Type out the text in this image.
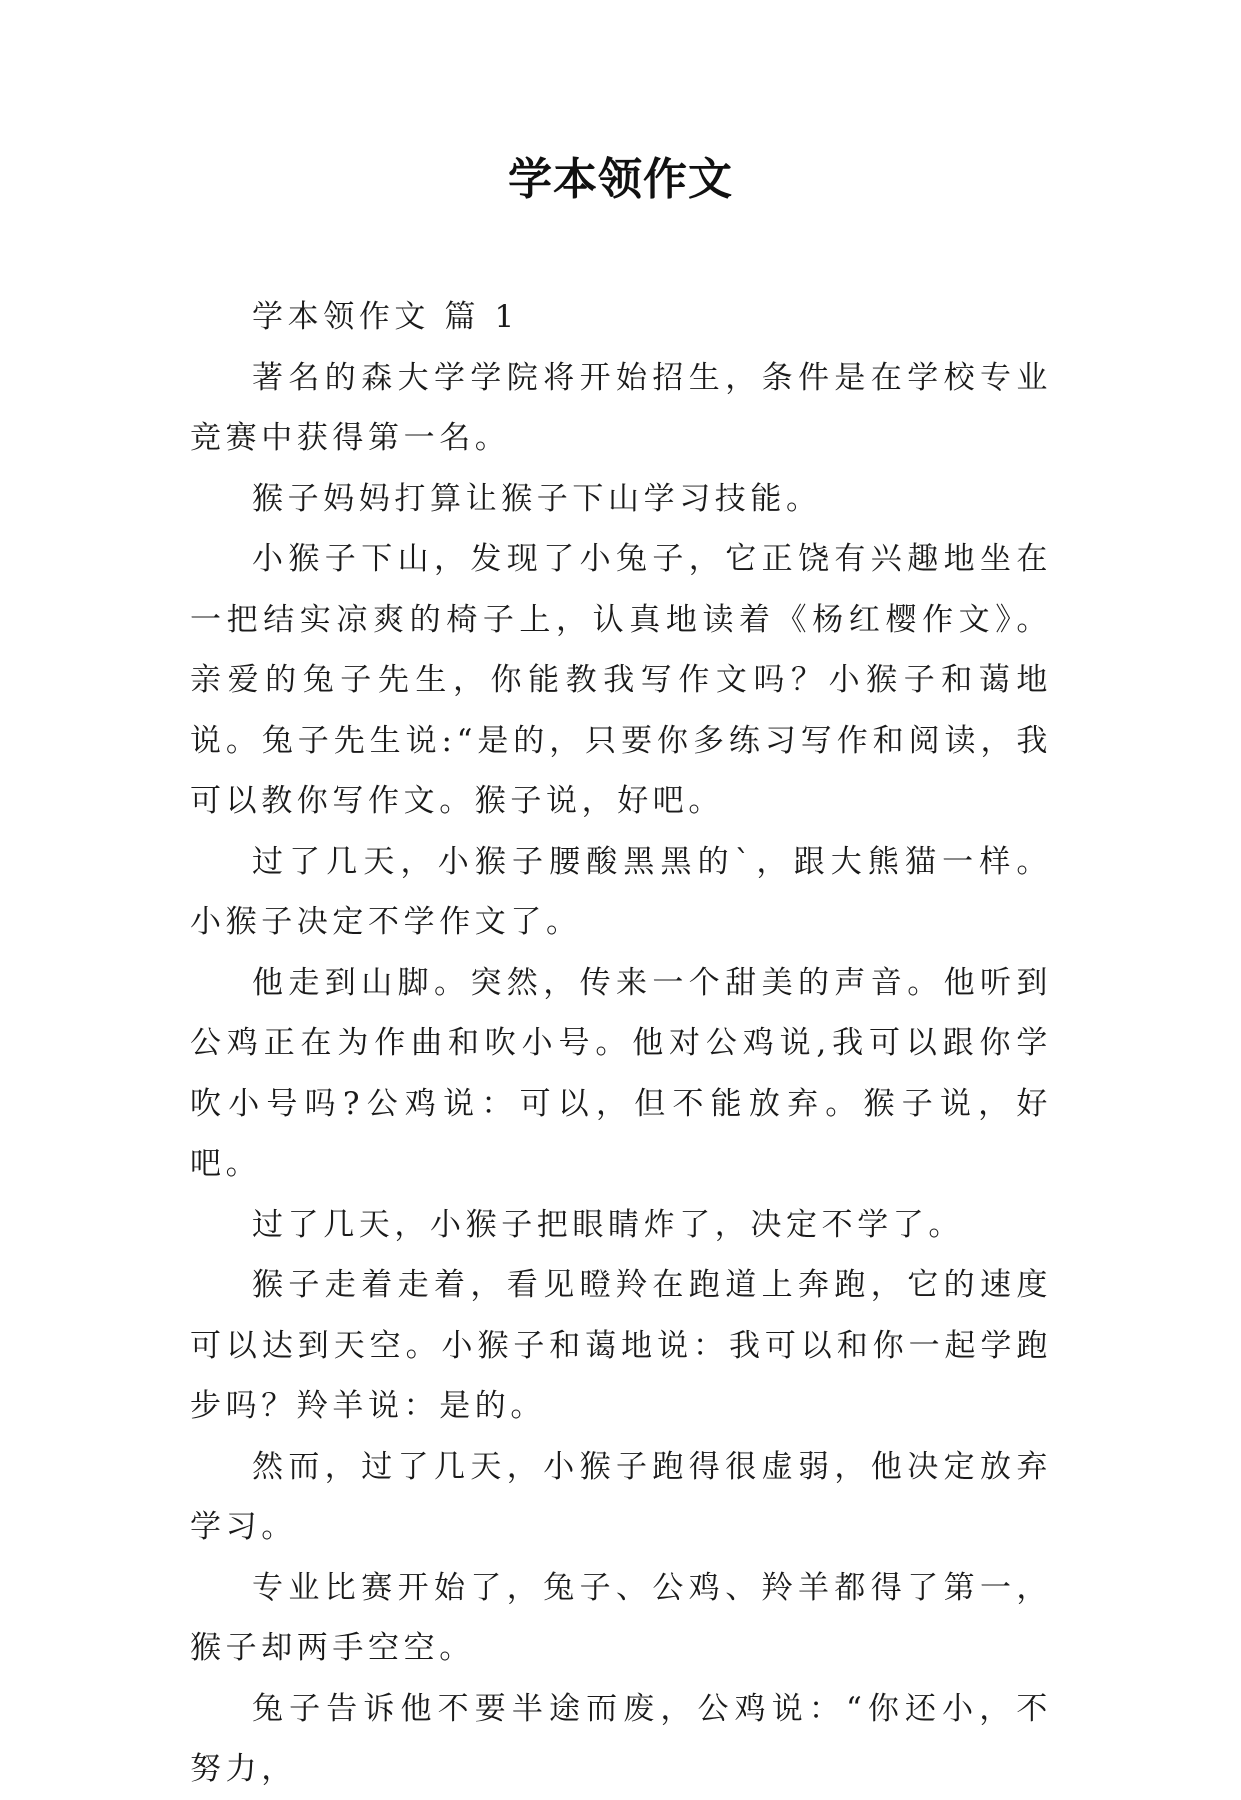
学本领作文

学本领作文 篇 1

著名的森大学学院将开始招生，条件是在学校专业竞赛中获得第一名。

猴子妈妈打算让猴子下山学习技能。

小猴子下山，发现了小兔子，它正饶有兴趣地坐在一把结实凉爽的椅子上，认真地读着《杨红樱作文》。亲爱的兔子先生，你能教我写作文吗？小猴子和蔼地说。兔子先生说:“是的，只要你多练习写作和阅读，我可以教你写作文。猴子说，好吧。

过了几天，小猴子腰酸黑黑的`，跟大熊猫一样。小猴子决定不学作文了。

他走到山脚。突然，传来一个甜美的声音。他听到公鸡正在为作曲和吹小号。他对公鸡说,我可以跟你学吹小号吗?公鸡说：可以，但不能放弃。猴子说，好吧。

过了几天，小猴子把眼睛炸了，决定不学了。

猴子走着走着，看见瞪羚在跑道上奔跑，它的速度可以达到天空。小猴子和蔼地说：我可以和你一起学跑步吗？羚羊说：是的。

然而，过了几天，小猴子跑得很虚弱，他决定放弃学习。

专业比赛开始了，兔子、公鸡、羚羊都得了第一，猴子却两手空空。

兔子告诉他不要半途而废，公鸡说：“你还小，不努力，
